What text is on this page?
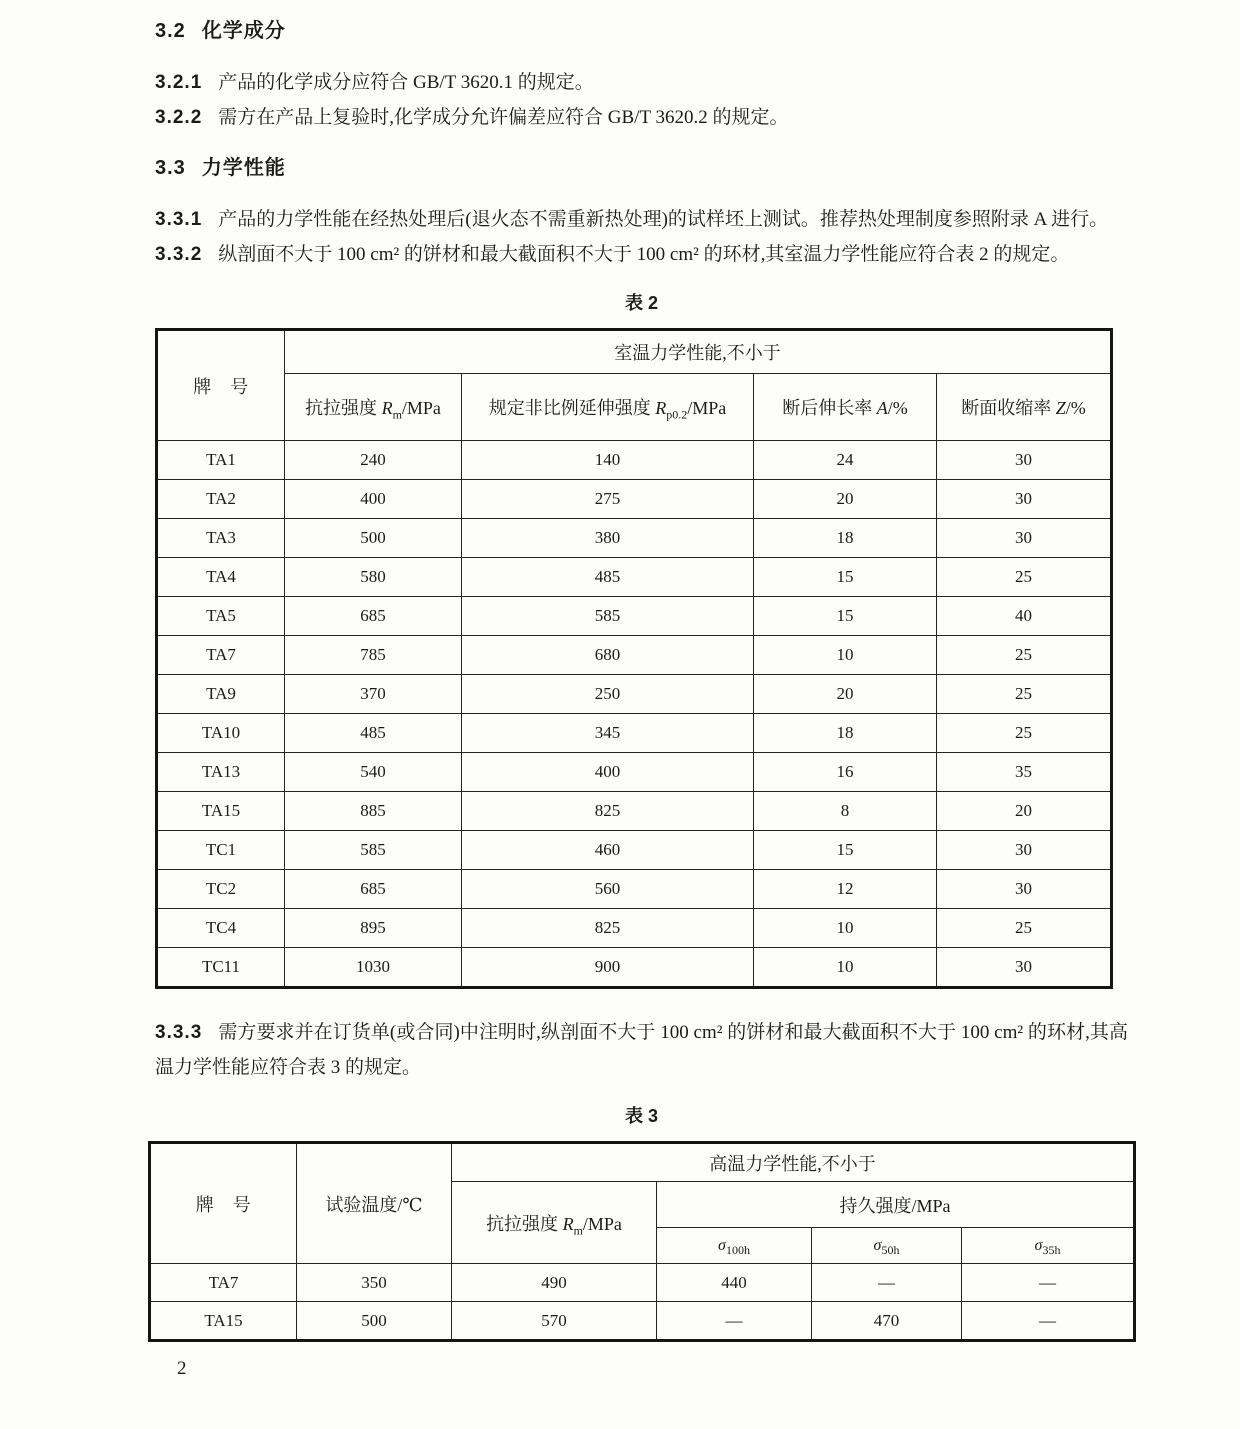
3.2 化学成分

3.2.1 产品的化学成分应符合 GB/T 3620.1 的规定。

3.2.2 需方在产品上复验时,化学成分允许偏差应符合 GB/T 3620.2 的规定。

3.3 力学性能

3.3.1 产品的力学性能在经热处理后(退火态不需重新热处理)的试样坯上测试。推荐热处理制度参照附录 A 进行。

3.3.2 纵剖面不大于 100 cm² 的饼材和最大截面积不大于 100 cm² 的环材,其室温力学性能应符合表 2 的规定。

表 2
牌　号	室温力学性能,不小于			
	抗拉强度 $R_m$/MPa	规定非比例延伸强度 $R_{p0.2}$/MPa	断后伸长率 A/%	断面收缩率 Z/%
TA1	240	140	24	30
TA2	400	275	20	30
TA3	500	380	18	30
TA4	580	485	15	25
TA5	685	585	15	40
TA7	785	680	10	25
TA9	370	250	20	25
TA10	485	345	18	25
TA13	540	400	16	35
TA15	885	825	8	20
TC1	585	460	15	30
TC2	685	560	12	30
TC4	895	825	10	25
TC11	1030	900	10	30

3.3.3 需方要求并在订货单(或合同)中注明时,纵剖面不大于 100 cm² 的饼材和最大截面积不大于 100 cm² 的环材,其高温力学性能应符合表 3 的规定。

表 3
牌　号	试验温度/℃	高温力学性能,不小于			
		抗拉强度 $R_m$/MPa	持久强度/MPa		
			$\sigma_{100h}$	$\sigma_{50h}$	$\sigma_{35h}$
TA7	350	490	440	—	—
TA15	500	570	—	470	—
2
